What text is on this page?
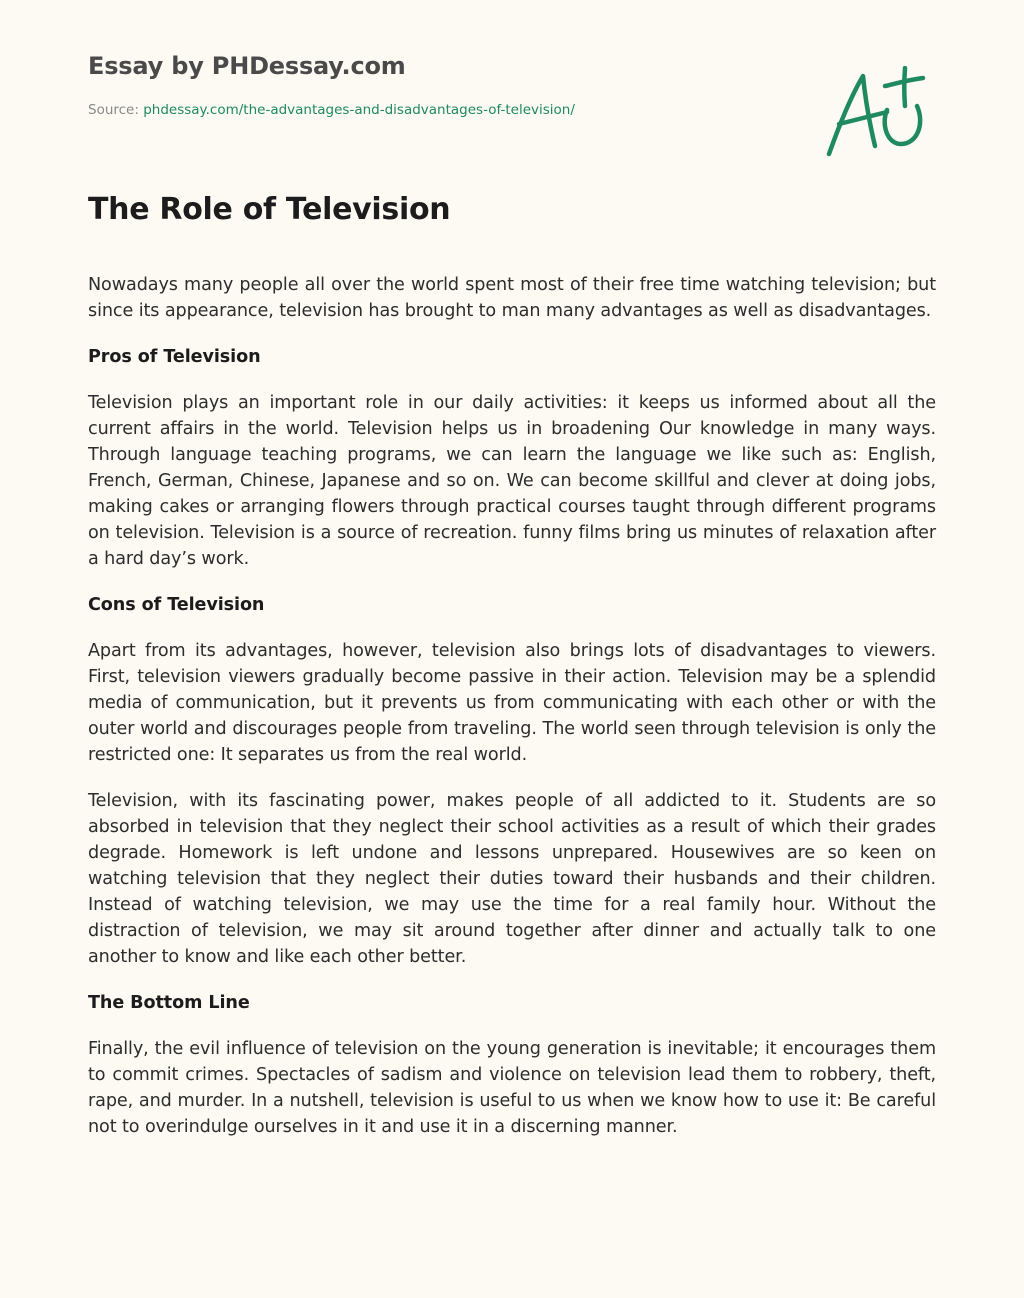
Essay by PHDessay.com
Source: phdessay.com/the-advantages-and-disadvantages-of-television/
The Role of Television

Nowadays many people all over the world spent most of their free time watching television; but since its appearance, television has brought to man many advantages as well as disadvantages.

Pros of Television

Television plays an important role in our daily activities: it keeps us informed about all the current affairs in the world. Television helps us in broadening Our knowledge in many ways. Through language teaching programs, we can learn the language we like such as: English, French, German, Chinese, Japanese and so on. We can become skillful and clever at doing jobs, making cakes or arranging flowers through practical courses taught through different programs on television. Television is a source of recreation. funny films bring us minutes of relaxation after a hard day’s work.

Cons of Television

Apart from its advantages, however, television also brings lots of disadvantages to viewers. First, television viewers gradually become passive in their action. Television may be a splendid media of communication, but it prevents us from communicating with each other or with the outer world and discourages people from traveling. The world seen through television is only the restricted one: It separates us from the real world.

Television, with its fascinating power, makes people of all addicted to it. Students are so absorbed in television that they neglect their school activities as a result of which their grades degrade. Homework is left undone and lessons unprepared. Housewives are so keen on watching television that they neglect their duties toward their husbands and their children. Instead of watching television, we may use the time for a real family hour. Without the distraction of television, we may sit around together after dinner and actually talk to one another to know and like each other better.

The Bottom Line

Finally, the evil influence of television on the young generation is inevitable; it encourages them to commit crimes. Spectacles of sadism and violence on television lead them to robbery, theft, rape, and murder. In a nutshell, television is useful to us when we know how to use it: Be careful not to overindulge ourselves in it and use it in a discerning manner.
